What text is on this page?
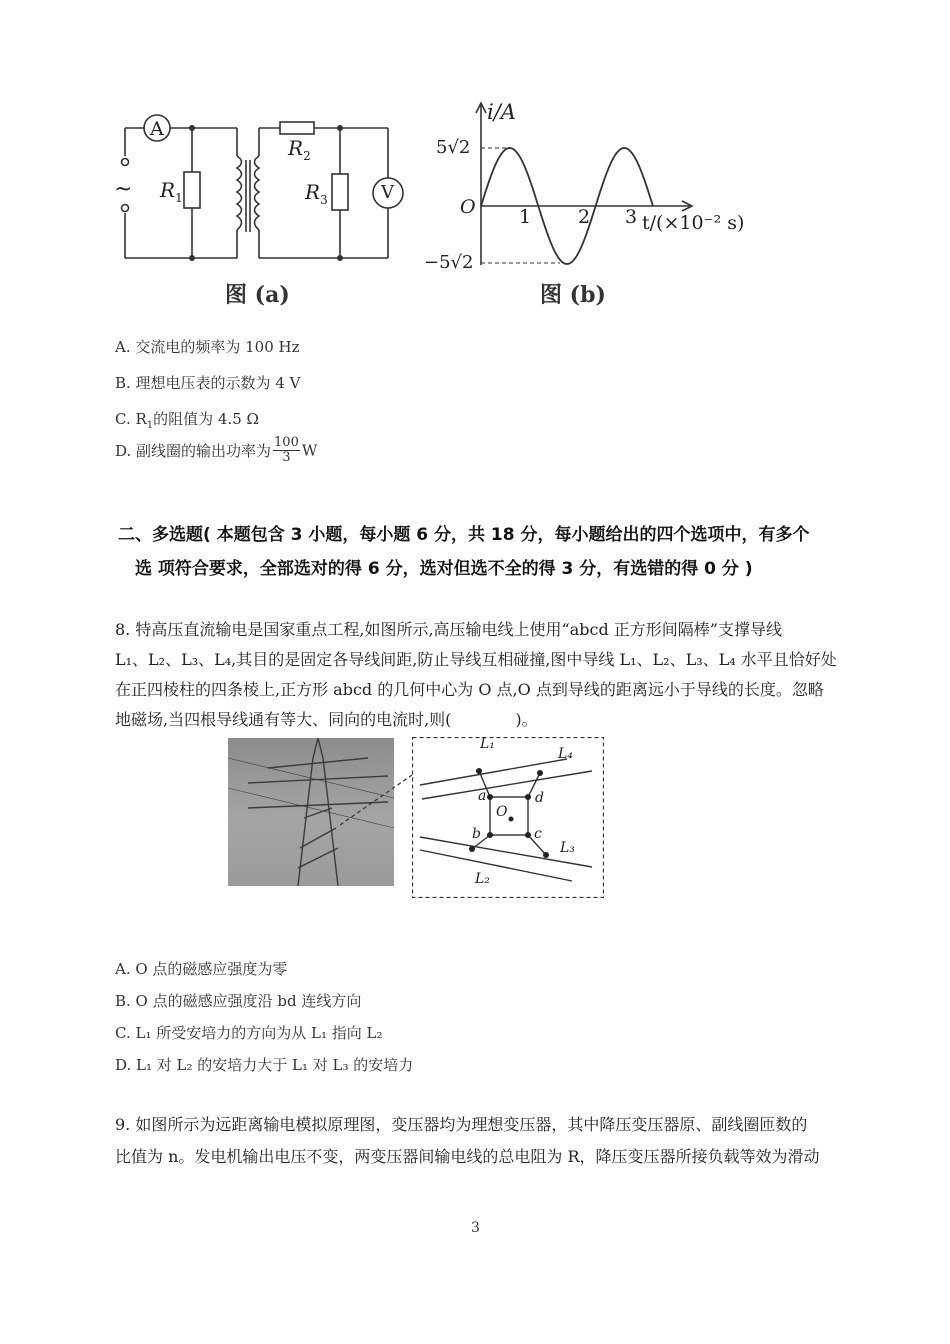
A
V
~ $R_1$
$R_2$
$R_3$
图 (a)
i/A
5√2
−5√2
O 1 2 3 t/(×10⁻² s)
图 (b)
A. 交流电的频率为 100 Hz
B. 理想电压表的示数为 4 V
C. $R_1$的阻值为 4.5 Ω
D. 副线圈的输出功率为 $\frac{100}{3}$ W
二、多选题( 本题包含 3 小题，每小题 6 分，共 18 分，每小题给出的四个选项中，有多个
选 项符合要求，全部选对的得 6 分，选对但选不全的得 3 分，有选错的得 0 分 )
8. 特高压直流输电是国家重点工程,如图所示,高压输电线上使用“abcd 正方形间隔棒”支撑导线
L₁、L₂、L₃、L₄,其目的是固定各导线间距,防止导线互相碰撞,图中导线 L₁、L₂、L₃、L₄ 水平且恰好处
在正四棱柱的四条棱上,正方形 abcd 的几何中心为 O 点,O 点到导线的距离远小于导线的长度。忽略
地磁场,当四根导线通有等大、同向的电流时,则(　　　　)。
L₁
L₄
L₃
L₂
a	d
b	c
O
A. O 点的磁感应强度为零
B. O 点的磁感应强度沿 bd 连线方向
C. L₁ 所受安培力的方向为从 L₁ 指向 L₂
D. L₁ 对 L₂ 的安培力大于 L₁ 对 L₃ 的安培力
9. 如图所示为远距离输电模拟原理图，变压器均为理想变压器，其中降压变压器原、副线圈匝数的
比值为 n。发电机输出电压不变，两变压器间输电线的总电阻为 R，降压变压器所接负载等效为滑动
3
